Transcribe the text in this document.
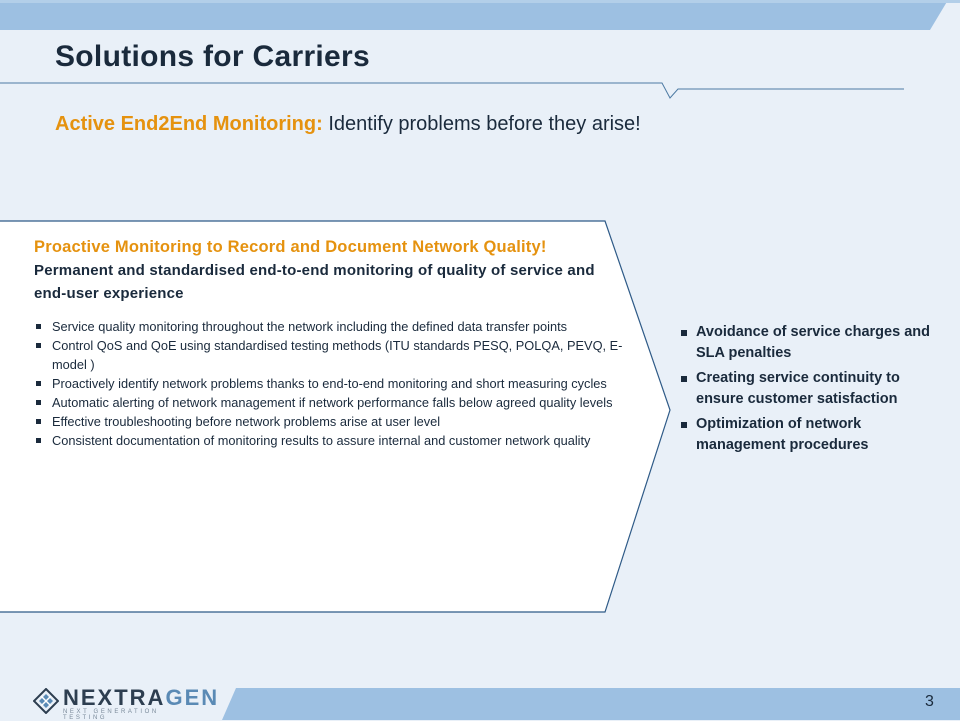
Solutions for Carriers
Active End2End Monitoring: Identify problems before they arise!
Proactive Monitoring to Record and Document Network Quality! Permanent and standardised end-to-end monitoring of quality of service and end-user experience
Service quality monitoring throughout the network including the defined data transfer points
Control QoS and QoE using standardised testing methods (ITU standards PESQ, POLQA, PEVQ, E-model )
Proactively identify network problems thanks to end-to-end monitoring and short measuring cycles
Automatic alerting of network management if network performance falls below agreed quality levels
Effective troubleshooting before network problems arise at user level
Consistent documentation of monitoring results to assure internal and customer network quality
Avoidance of service charges and SLA penalties
Creating service continuity to ensure customer satisfaction
Optimization of network management procedures
NEXTRAGEN
NEXT GENERATION TESTING
3
